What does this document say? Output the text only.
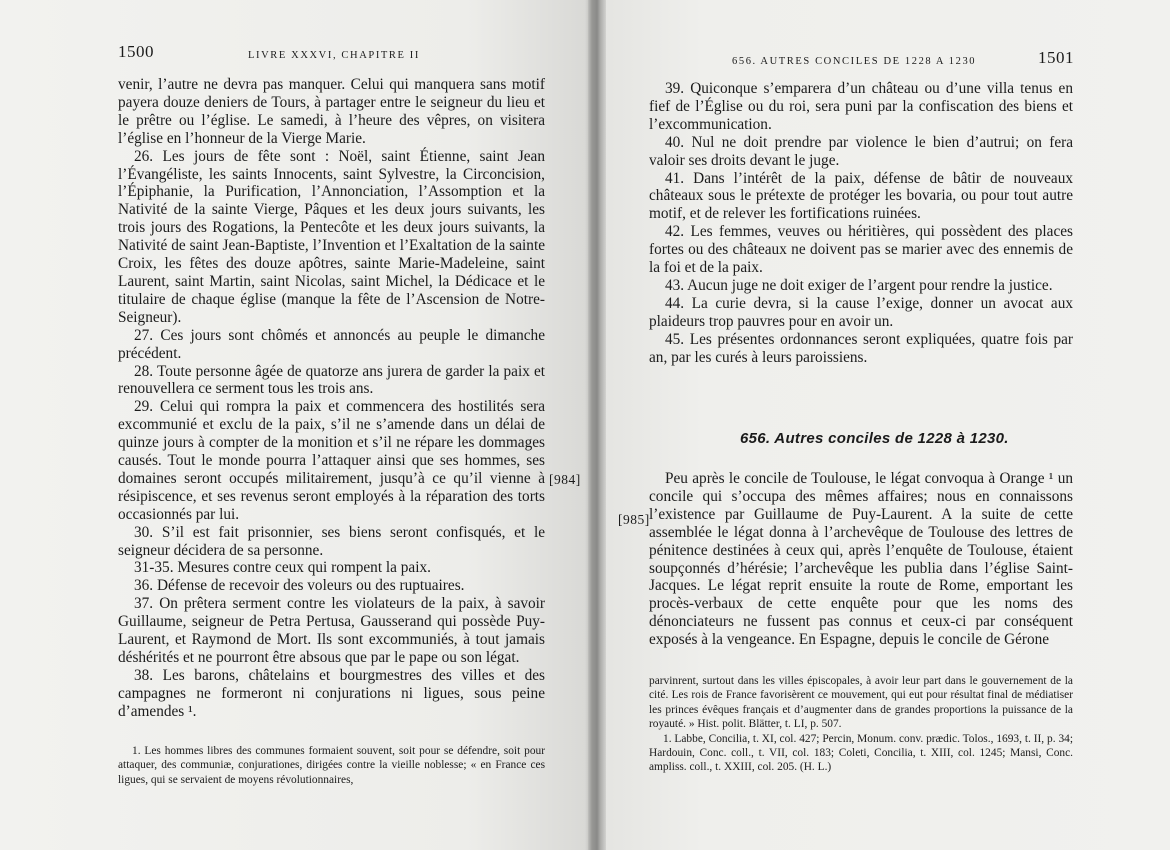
1500	LIVRE XXXVI, CHAPITRE II

venir, l’autre ne devra pas manquer. Celui qui manquera sans motif payera douze deniers de Tours, à partager entre le seigneur du lieu et le prêtre ou l’église. Le samedi, à l’heure des vêpres, on visitera l’église en l’honneur de la Vierge Marie.

26. Les jours de fête sont : Noël, saint Étienne, saint Jean l’Évangéliste, les saints Innocents, saint Sylvestre, la Circoncision, l’Épiphanie, la Purification, l’Annonciation, l’Assomption et la Nativité de la sainte Vierge, Pâques et les deux jours suivants, les trois jours des Rogations, la Pentecôte et les deux jours suivants, la Nativité de saint Jean-Baptiste, l’Invention et l’Exaltation de la sainte Croix, les fêtes des douze apôtres, sainte Marie-Madeleine, saint Laurent, saint Martin, saint Nicolas, saint Michel, la Dédicace et le titulaire de chaque église (manque la fête de l’Ascension de Notre-Seigneur).

27. Ces jours sont chômés et annoncés au peuple le dimanche précédent.

28. Toute personne âgée de quatorze ans jurera de garder la paix et renouvellera ce serment tous les trois ans.

29. Celui qui rompra la paix et commencera des hostilités sera excommunié et exclu de la paix, s’il ne s’amende dans un délai de quinze jours à compter de la monition et s’il ne répare les dommages causés. Tout le monde pourra l’attaquer ainsi que ses hommes, ses domaines seront occupés militairement, jusqu’à ce qu’il vienne à résipiscence, et ses revenus seront employés à la réparation des torts occasionnés par lui.

30. S’il est fait prisonnier, ses biens seront confisqués, et le seigneur décidera de sa personne.

31-35. Mesures contre ceux qui rompent la paix.

36. Défense de recevoir des voleurs ou des ruptuaires.

37. On prêtera serment contre les violateurs de la paix, à savoir Guillaume, seigneur de Petra Pertusa, Gausserand qui possède Puy-Laurent, et Raymond de Mort. Ils sont excommuniés, à tout jamais déshérités et ne pourront être absous que par le pape ou son légat.

38. Les barons, châtelains et bourgmestres des villes et des campagnes ne formeront ni conjurations ni ligues, sous peine d’amendes ¹.

[984]

1. Les hommes libres des communes formaient souvent, soit pour se défendre, soit pour attaquer, des communiæ, conjurationes, dirigées contre la vieille noblesse; « en France ces ligues, qui se servaient de moyens révolutionnaires,

656. AUTRES CONCILES DE 1228 A 1230	1501

39. Quiconque s’emparera d’un château ou d’une villa tenus en fief de l’Église ou du roi, sera puni par la confiscation des biens et l’excommunication.

40. Nul ne doit prendre par violence le bien d’autrui; on fera valoir ses droits devant le juge.

41. Dans l’intérêt de la paix, défense de bâtir de nouveaux châteaux sous le prétexte de protéger les bovaria, ou pour tout autre motif, et de relever les fortifications ruinées.

42. Les femmes, veuves ou héritières, qui possèdent des places fortes ou des châteaux ne doivent pas se marier avec des ennemis de la foi et de la paix.

43. Aucun juge ne doit exiger de l’argent pour rendre la justice.

44. La curie devra, si la cause l’exige, donner un avocat aux plaideurs trop pauvres pour en avoir un.

45. Les présentes ordonnances seront expliquées, quatre fois par an, par les curés à leurs paroissiens.

656. Autres conciles de 1228 à 1230.
[985]

Peu après le concile de Toulouse, le légat convoqua à Orange ¹ un concile qui s’occupa des mêmes affaires; nous en connaissons l’existence par Guillaume de Puy-Laurent. A la suite de cette assemblée le légat donna à l’archevêque de Toulouse des lettres de pénitence destinées à ceux qui, après l’enquête de Toulouse, étaient soupçonnés d’hérésie; l’archevêque les publia dans l’église Saint-Jacques. Le légat reprit ensuite la route de Rome, emportant les procès-verbaux de cette enquête pour que les noms des dénonciateurs ne fussent pas connus et ceux-ci par conséquent exposés à la vengeance. En Espagne, depuis le concile de Gérone

parvinrent, surtout dans les villes épiscopales, à avoir leur part dans le gouvernement de la cité. Les rois de France favorisèrent ce mouvement, qui eut pour résultat final de médiatiser les princes évêques français et d’augmenter dans de grandes proportions la puissance de la royauté. » Hist. polit. Blätter, t. LI, p. 507.

1. Labbe, Concilia, t. XI, col. 427; Percin, Monum. conv. prædic. Tolos., 1693, t. II, p. 34; Hardouin, Conc. coll., t. VII, col. 183; Coleti, Concilia, t. XIII, col. 1245; Mansi, Conc. ampliss. coll., t. XXIII, col. 205. (H. L.)
